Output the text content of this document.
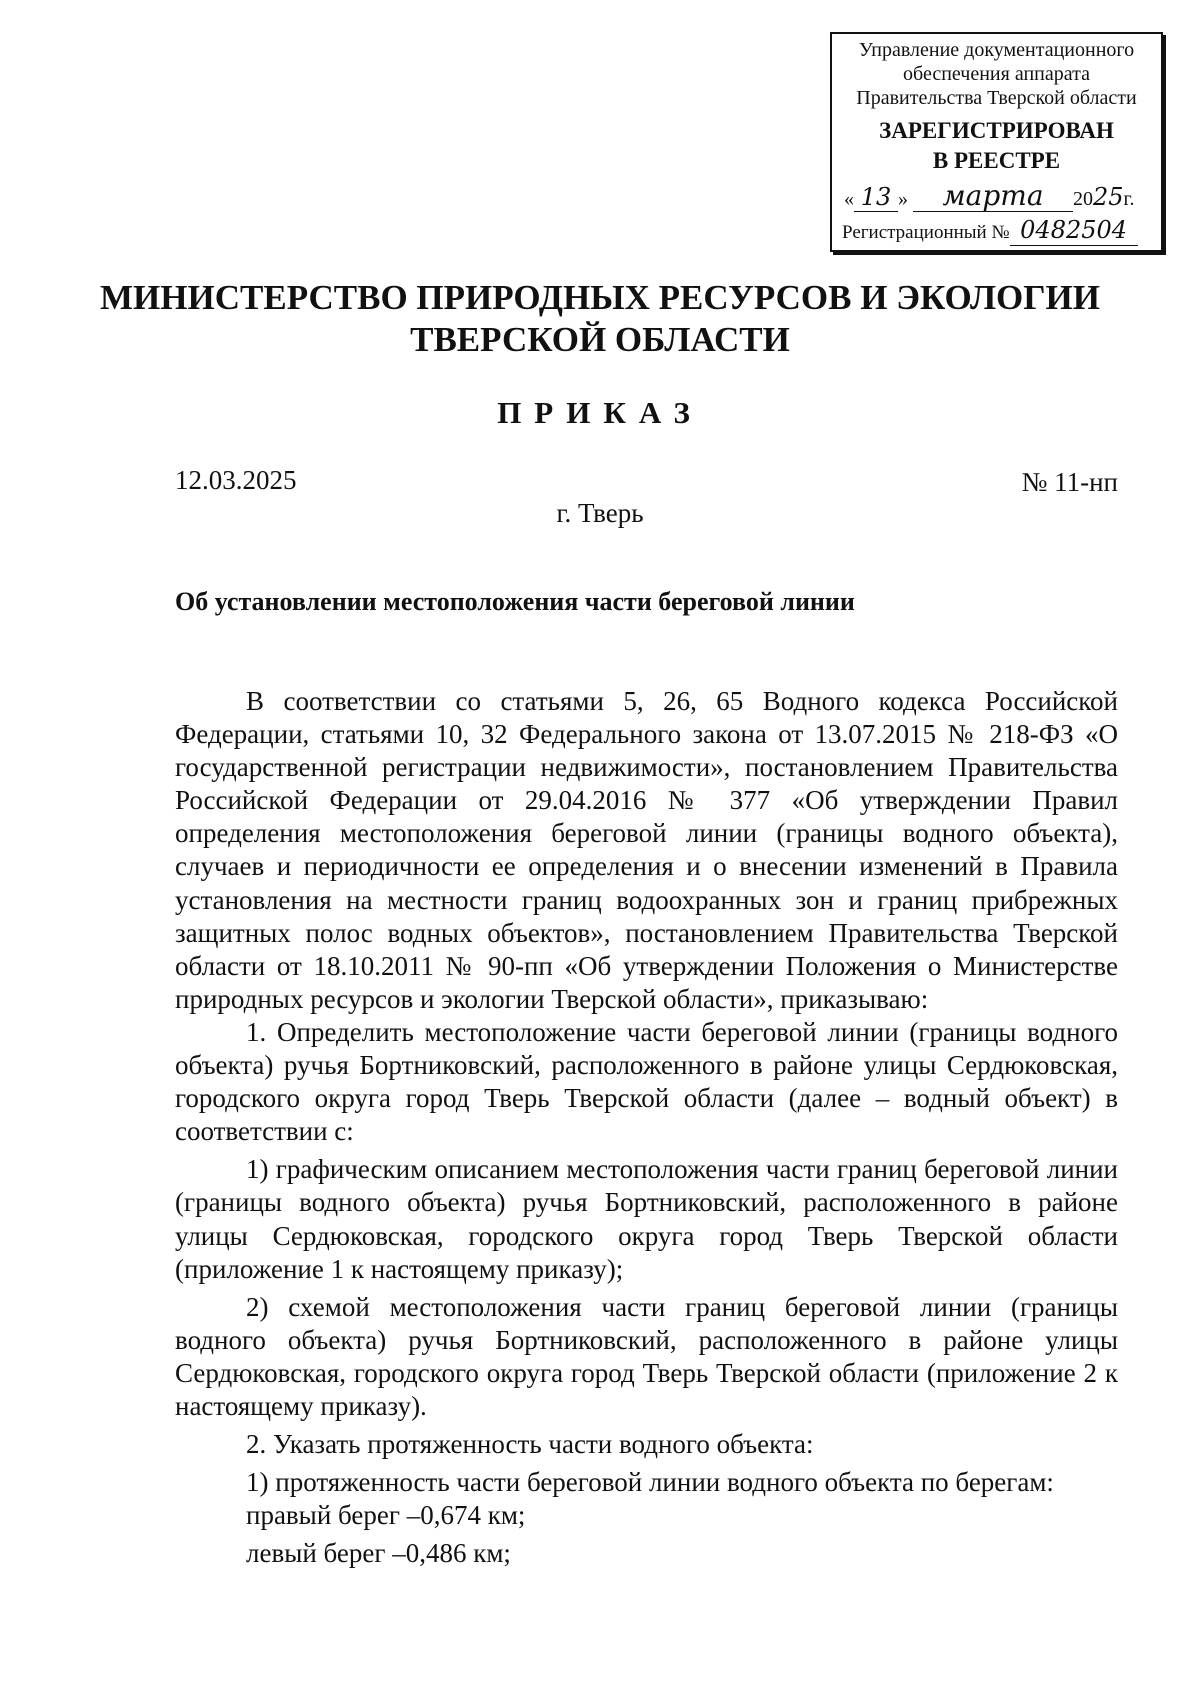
Управление документационного
обеспечения аппарата
Правительства Тверской области
ЗАРЕГИСТРИРОВАН
В РЕЕСТРЕ
« 13 » марта 2025г.
Регистрационный № 0482504
МИНИСТЕРСТВО ПРИРОДНЫХ РЕСУРСОВ И ЭКОЛОГИИ
ТВЕРСКОЙ ОБЛАСТИ
ПРИКАЗ
12.03.2025	№ 11-нп
г. Тверь
Об установлении местоположения части береговой линии

В соответствии со статьями 5, 26, 65 Водного кодекса Российской Федерации, статьями 10, 32 Федерального закона от 13.07.2015 № 218-ФЗ «О государственной регистрации недвижимости», постановлением Правительства Российской Федерации от 29.04.2016 № 377 «Об утверждении Правил определения местоположения береговой линии (границы водного объекта), случаев и периодичности ее определения и о внесении изменений в Правила установления на местности границ водоохранных зон и границ прибрежных защитных полос водных объектов», постановлением Правительства Тверской области от 18.10.2011 № 90-пп «Об утверждении Положения о Министерстве природных ресурсов и экологии Тверской области», приказываю:

1. Определить местоположение части береговой линии (границы водного объекта) ручья Бортниковский, расположенного в районе улицы Сердюковская, городского округа город Тверь Тверской области (далее – водный объект) в соответствии с:

1) графическим описанием местоположения части границ береговой линии (границы водного объекта) ручья Бортниковский, расположенного в районе улицы Сердюковская, городского округа город Тверь Тверской области (приложение 1 к настоящему приказу);

2) схемой местоположения части границ береговой линии (границы водного объекта) ручья Бортниковский, расположенного в районе улицы Сердюковская, городского округа город Тверь Тверской области (приложение 2 к настоящему приказу).

2. Указать протяженность части водного объекта:

1) протяженность части береговой линии водного объекта по берегам:

правый берег –0,674 км;

левый берег –0,486 км;
